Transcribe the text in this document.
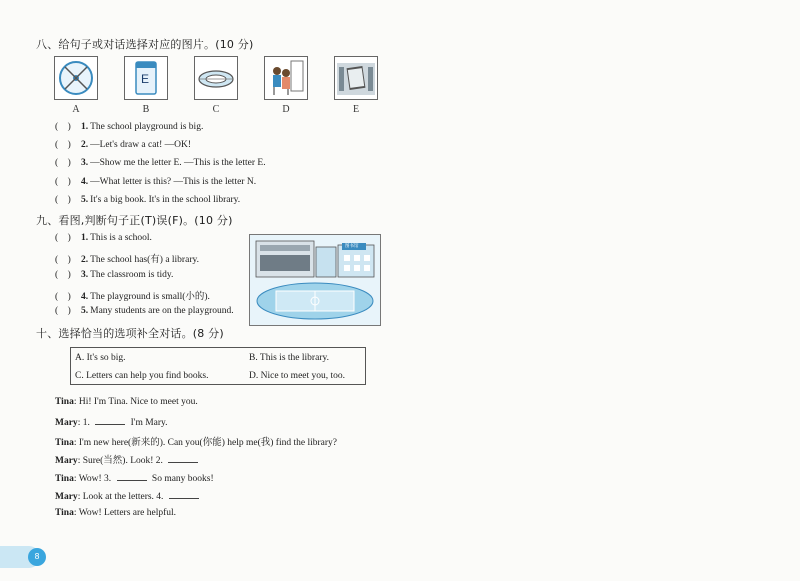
八、给句子或对话选择对应的图片。(10 分)
A
E
B	C	D	E
(    ) 1. The school playground is big.
(    ) 2. —Let's draw a cat! —OK!
(    ) 3. —Show me the letter E. —This is the letter E.
(    ) 4. —What letter is this? —This is the letter N.
(    ) 5. It's a big book. It's in the school library.
九、看图,判断句子正(T)误(F)。(10 分)
(    ) 1. This is a school.
(    ) 2. The school has(有) a library.
(    ) 3. The classroom is tidy.
(    ) 4. The playground is small(小的).
(    ) 5. Many students are on the playground.
图书馆
十、选择恰当的选项补全对话。(8 分)
A. It's so big.	B. This is the library.
C. Letters can help you find books.	D. Nice to meet you, too.
Tina: Hi! I'm Tina. Nice to meet you.
Mary: 1.	I'm Mary.
Tina: I'm new here(新来的). Can you(你能) help me(我) find the library?
Mary: Sure(当然). Look! 2.
Tina: Wow! 3.	So many books!
Mary: Look at the letters. 4.
Tina: Wow! Letters are helpful.
8
